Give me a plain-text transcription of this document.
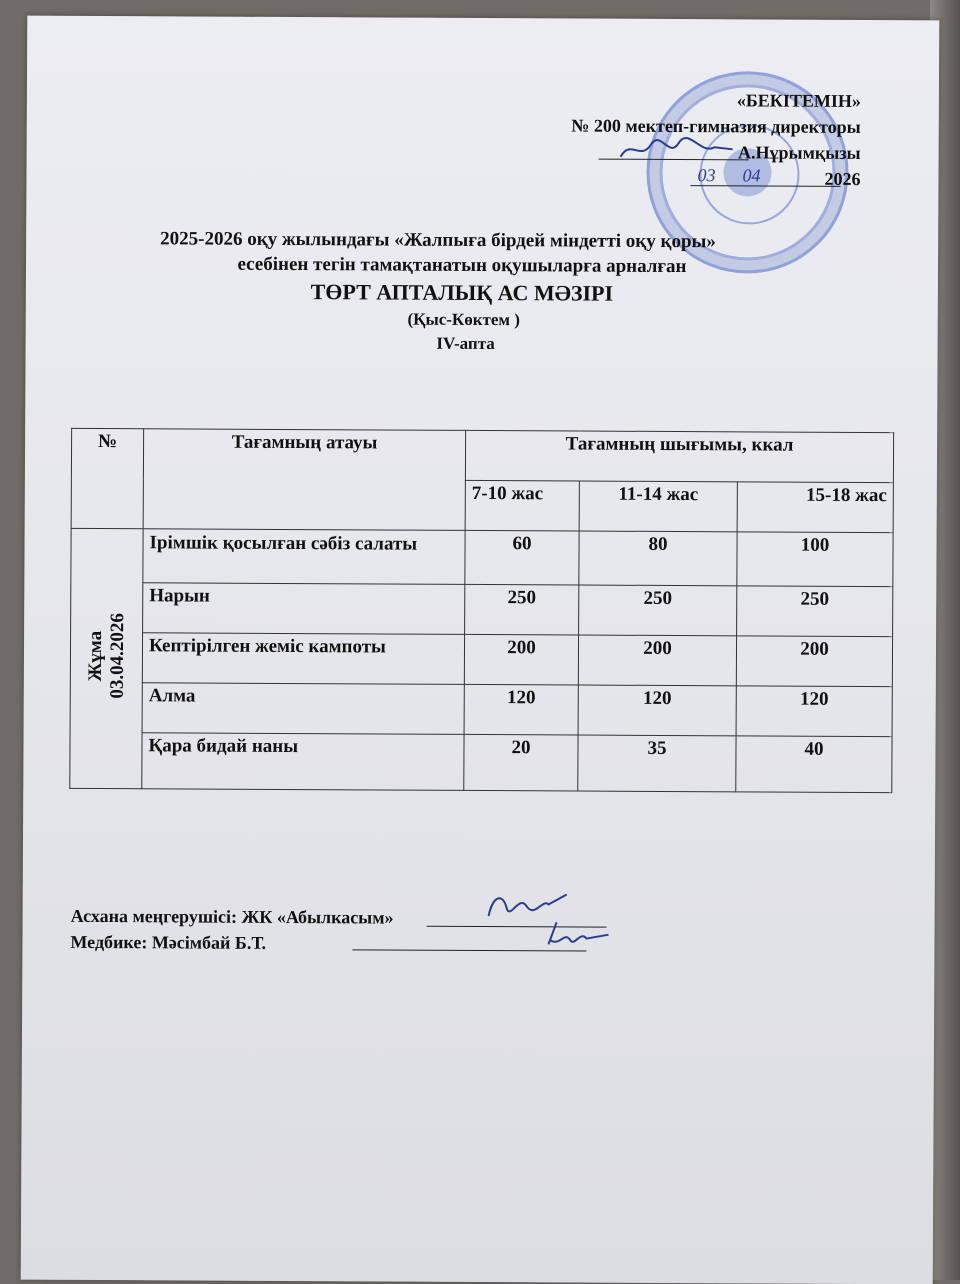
«БЕКІТЕМІН»
№ 200 мектеп-гимназия директоры
А.Нұрымқызы
03 04	2026
2025-2026 оқу жылындағы «Жалпыға бірдей міндетті оқу қоры»
есебінен тегін тамақтанатын оқушыларға арналған
ТӨРТ АПТАЛЫҚ АС МӘЗІРІ
(Қыс-Көктем )
IV-апта
№	Тағамның атауы	Тағамның шығымы, ккал		
		7-10 жас	11-14 жас	15-18 жас
Жұма
03.04.2026	Ірімшік қосылған сәбіз салаты	60	80	100
	Нарын	250	250	250
	Кептірілген жеміс кампоты	200	200	200
	Алма	120	120	120
	Қара бидай наны	20	35	40
Асхана меңгерушісі: ЖК «Абылкасым»
Медбике: Мәсімбай Б.Т.
